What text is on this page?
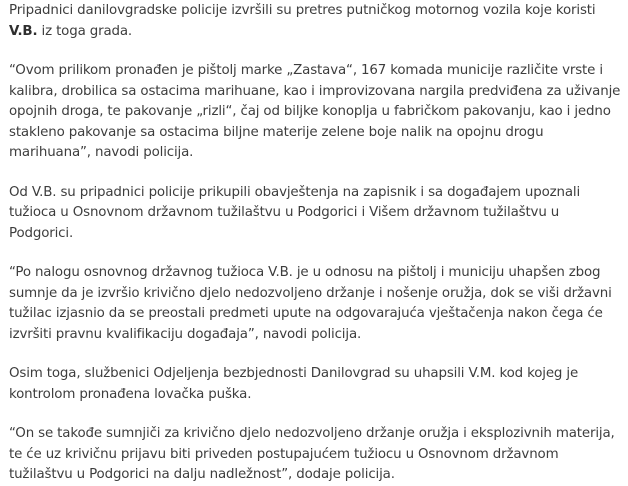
Pripadnici danilovgradske policije izvršili su pretres putničkog motornog vozila koje koristi V.B. iz toga grada.

“Ovom prilikom pronađen je pištolj marke „Zastava“, 167 komada municije različite vrste i kalibra, drobilica sa ostacima marihuane, kao i improvizovana nargila predviđena za uživanje opojnih droga, te pakovanje „rizli“, čaj od biljke konoplja u fabričkom pakovanju, kao i jedno stakleno pakovanje sa ostacima biljne materije zelene boje nalik na opojnu drogu marihuana”, navodi policija.

Od V.B. su pripadnici policije prikupili obavještenja na zapisnik i sa događajem upoznali tužioca u Osnovnom državnom tužilaštvu u Podgorici i Višem državnom tužilaštvu u Podgorici.

“Po nalogu osnovnog državnog tužioca V.B. je u odnosu na pištolj i municiju uhapšen zbog sumnje da je izvršio krivično djelo nedozvoljeno držanje i nošenje oružja, dok se viši državni tužilac izjasnio da se preostali predmeti upute na odgovarajuća vještačenja nakon čega će izvršiti pravnu kvalifikaciju događaja”, navodi policija.

Osim toga, službenici Odjeljenja bezbjednosti Danilovgrad su uhapsili V.M. kod kojeg je kontrolom pronađena lovačka puška.

“On se takođe sumnjiči za krivično djelo nedozvoljeno držanje oružja i eksplozivnih materija, te će uz krivičnu prijavu biti priveden postupajućem tužiocu u Osnovnom državnom tužilaštvu u Podgorici na dalju nadležnost”, dodaje policija.
